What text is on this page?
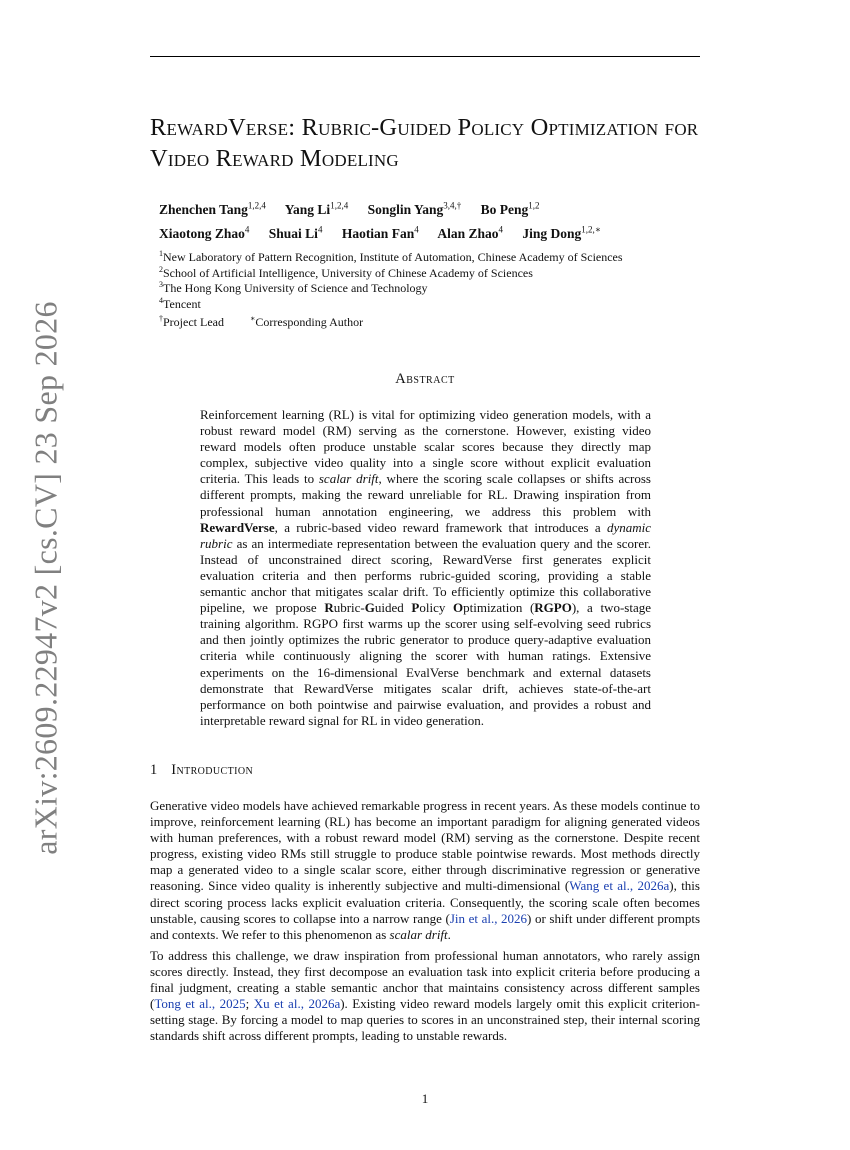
arXiv:2609.22947v2 [cs.CV] 23 Sep 2026
RewardVerse: Rubric-Guided Policy Optimization for Video Reward Modeling
Zhenchen Tang$^{1,2,4}$ Yang Li$^{1,2,4}$ Songlin Yang$^{3,4,\dagger}$ Bo Peng$^{1,2}$
Xiaotong Zhao$^4$ Shuai Li$^4$ Haotian Fan$^4$ Alan Zhao$^4$ Jing Dong$^{1,2,∗}$
$^1$New Laboratory of Pattern Recognition, Institute of Automation, Chinese Academy of Sciences
$^2$School of Artificial Intelligence, University of Chinese Academy of Sciences
$^3$The Hong Kong University of Science and Technology
$^4$Tencent
†Project Lead	∗Corresponding Author
Abstract
Reinforcement learning (RL) is vital for optimizing video generation models, with a robust reward model (RM) serving as the cornerstone. However, existing video reward models often produce unstable scalar scores because they directly map complex, subjective video quality into a single score without explicit evaluation criteria. This leads to scalar drift, where the scoring scale collapses or shifts across different prompts, making the reward unreliable for RL. Drawing inspiration from professional human annotation engineering, we address this problem with RewardVerse, a rubric-based video reward framework that introduces a dynamic rubric as an intermediate representation between the evaluation query and the scorer. Instead of unconstrained direct scoring, RewardVerse first generates explicit evaluation criteria and then performs rubric-guided scoring, providing a stable semantic anchor that mitigates scalar drift. To efficiently optimize this collaborative pipeline, we propose Rubric-Guided Policy Optimization (RGPO), a two-stage training algorithm. RGPO first warms up the scorer using self-evolving seed rubrics and then jointly optimizes the rubric generator to produce query-adaptive evaluation criteria while continuously aligning the scorer with human ratings. Extensive experiments on the 16-dimensional EvalVerse benchmark and external datasets demonstrate that RewardVerse mitigates scalar drift, achieves state-of-the-art performance on both pointwise and pairwise evaluation, and provides a robust and interpretable reward signal for RL in video generation.
1 Introduction

Generative video models have achieved remarkable progress in recent years. As these models continue to improve, reinforcement learning (RL) has become an important paradigm for aligning generated videos with human preferences, with a robust reward model (RM) serving as the cornerstone. Despite recent progress, existing video RMs still struggle to produce stable pointwise rewards. Most methods directly map a generated video to a single scalar score, either through discriminative regression or generative reasoning. Since video quality is inherently subjective and multi-dimensional (Wang et al., 2026a), this direct scoring process lacks explicit evaluation criteria. Consequently, the scoring scale often becomes unstable, causing scores to collapse into a narrow range (Jin et al., 2026) or shift under different prompts and contexts. We refer to this phenomenon as scalar drift.

To address this challenge, we draw inspiration from professional human annotators, who rarely assign scores directly. Instead, they first decompose an evaluation task into explicit criteria before producing a final judgment, creating a stable semantic anchor that maintains consistency across different samples (Tong et al., 2025; Xu et al., 2026a). Existing video reward models largely omit this explicit criterion-setting stage. By forcing a model to map queries to scores in an unconstrained step, their internal scoring standards shift across different prompts, leading to unstable rewards.

1
